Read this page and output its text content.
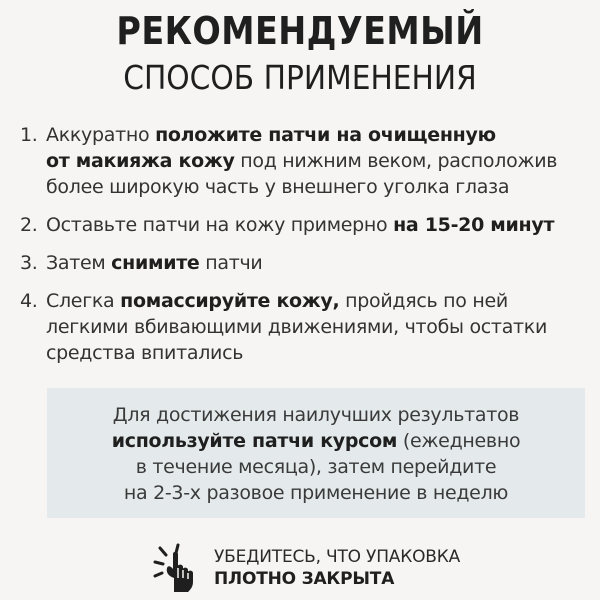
РЕКОМЕНДУЕМЫЙ
СПОСОБ ПРИМЕНЕНИЯ
1. Аккуратно положите патчи на очищенную
от макияжа кожу под нижним веком, расположив
более широкую часть у внешнего уголка глаза
2. Оставьте патчи на кожу примерно на 15-20 минут
3. Затем снимите патчи
4. Слегка помассируйте кожу, пройдясь по ней
легкими вбивающими движениями, чтобы остатки
средства впитались
Для достижения наилучших результатов
используйте патчи курсом (ежедневно
в течение месяца), затем перейдите
на 2-3-х разовое применение в неделю
УБЕДИТЕСЬ, ЧТО УПАКОВКА
ПЛОТНО ЗАКРЫТА
